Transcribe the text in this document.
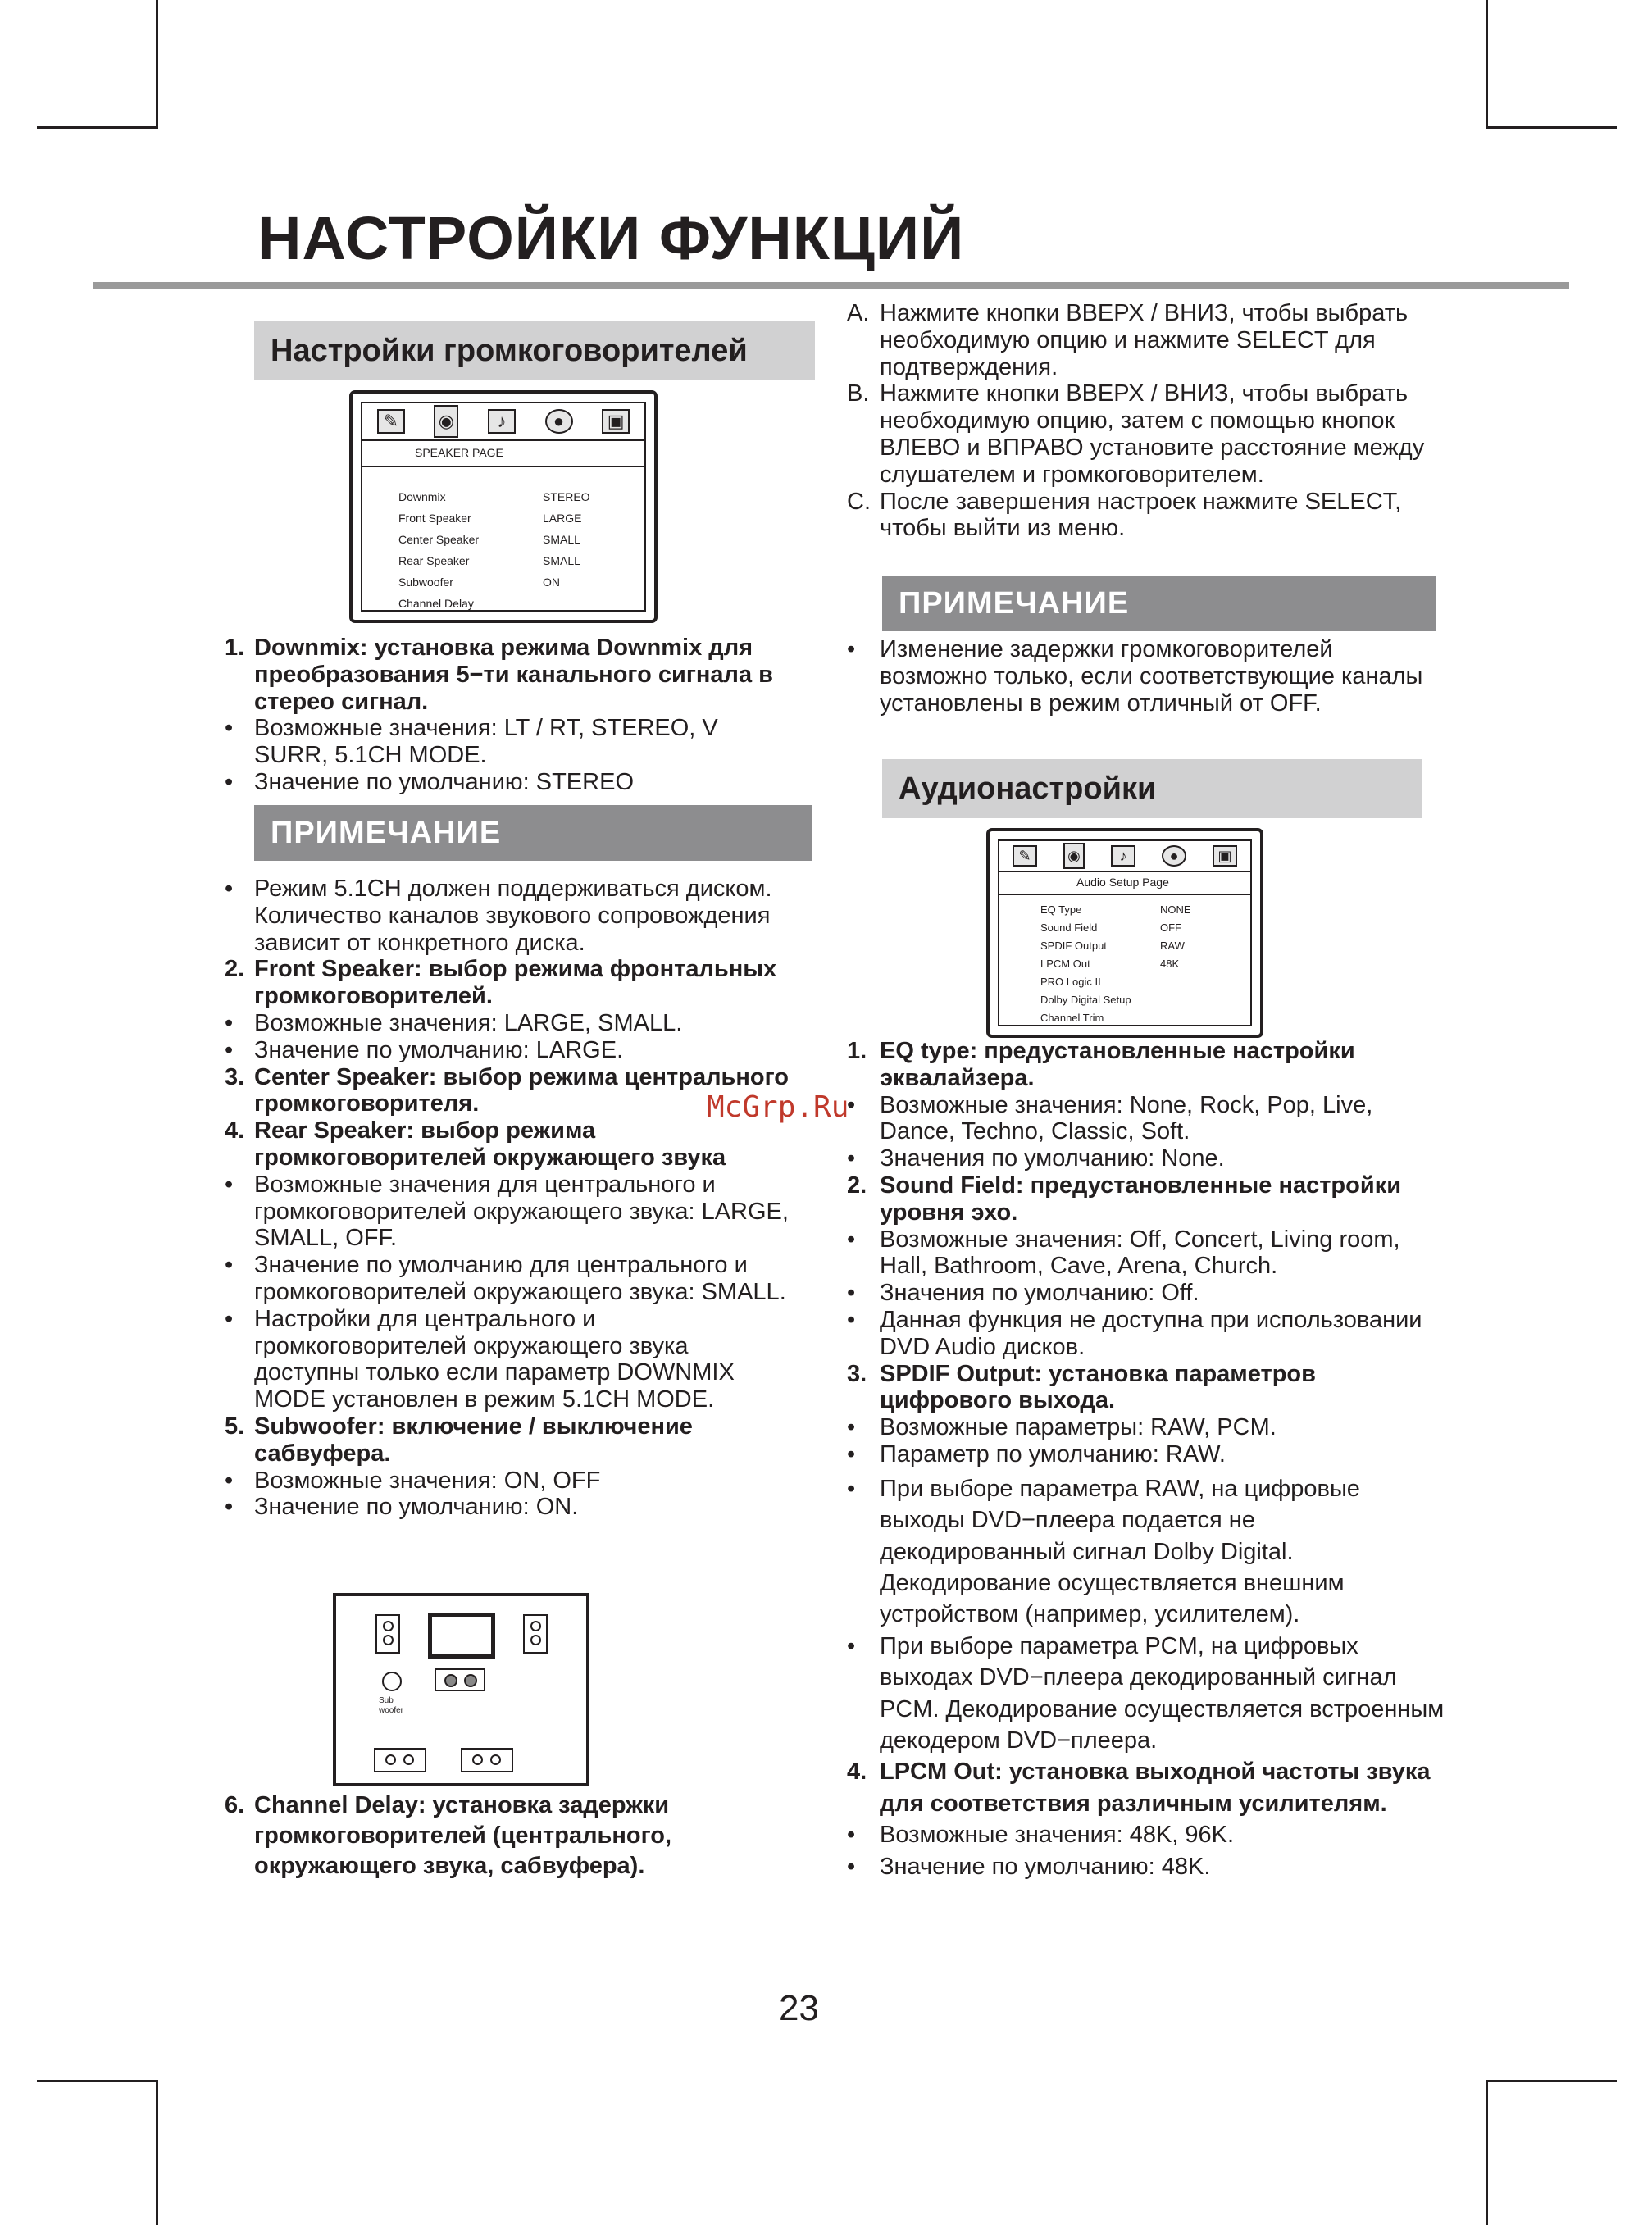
НАСТРОЙКИ ФУНКЦИЙ
Настройки громкоговорителей
✎	◉	♪	●	▣
SPEAKER PAGE
Downmix	STEREO
Front Speaker	LARGE
Center Speaker	SMALL
Rear Speaker	SMALL
Subwoofer	ON
Channel Delay
1. Downmix: установка режима Downmix для преобразования 5−ти канального сигнала в стерео сигнал.
• Возможные значения: LT / RT, STEREO, V SURR, 5.1CH MODE.
• Значение по умолчанию: STEREO
ПРИМЕЧАНИЕ
• Режим 5.1CH должен поддерживаться диском. Количество каналов звукового сопровождения зависит от конкретного диска.
2. Front Speaker: выбор режима фронтальных громкоговорителей.
• Возможные значения: LARGE, SMALL.
• Значение по умолчанию: LARGE.
3. Center Speaker: выбор режима центрального громкоговорителя.
4. Rear Speaker: выбор режима громкоговорителей окружающего звука
• Возможные значения для центрального и громкоговорителей окружающего звука: LARGE, SMALL, OFF.
• Значение по умолчанию для центрального и громкоговорителей окружающего звука: SMALL.
• Настройки для центрального и громкоговорителей окружающего звука доступны только если параметр DOWNMIX MODE установлен в режим 5.1CH MODE.
5. Subwoofer: включение / выключение сабвуфера.
• Возможные значения: ON, OFF
• Значение по умолчанию: ON.
Sub
woofer
6. Channel Delay: установка задержки громкоговорителей (центрального, окружающего звука, сабвуфера).
A. Нажмите кнопки ВВЕРХ / ВНИЗ, чтобы выбрать необходимую опцию и нажмите SELECT для подтверждения.
B. Нажмите кнопки ВВЕРХ / ВНИЗ, чтобы выбрать необходимую опцию, затем с помощью кнопок ВЛЕВО и ВПРАВО установите расстояние между слушателем и громкоговорителем.
C. После завершения настроек нажмите SELECT, чтобы выйти из меню.
ПРИМЕЧАНИЕ
• Изменение задержки громкоговорителей возможно только, если соответствующие каналы установлены в режим отличный от OFF.
Аудионастройки
✎	◉	♪	●	▣
Audio Setup Page
EQ Type	NONE
Sound Field	OFF
SPDIF Output	RAW
LPCM Out	48K
PRO Logic II
Dolby Digital Setup
Channel Trim
1. EQ type: предустановленные настройки эквалайзера.
• Возможные значения: None, Rock, Pop, Live, Dance, Techno, Classic, Soft.
• Значения по умолчанию: None.
2. Sound Field: предустановленные настройки уровня эхо.
• Возможные значения: Off, Concert, Living room, Hall, Bathroom, Cave, Arena, Church.
• Значения по умолчанию: Off.
• Данная функция не доступна при использовании DVD Audio дисков.
3. SPDIF Output: установка параметров цифрового выхода.
• Возможные параметры: RAW, PCM.
• Параметр по умолчанию: RAW.
• При выборе параметра RAW, на цифровые выходы DVD−плеера подается не декодированный сигнал Dolby Digital. Декодирование осуществляется внешним устройством (например, усилителем).
• При выборе параметра PCM, на цифровых выходах DVD−плеера декодированный сигнал PCM. Декодирование осуществляется встроенным декодером DVD−плеера.
4. LPCM Out: установка выходной частоты звука для соответствия различным усилителям.
• Возможные значения: 48K, 96K.
• Значение по умолчанию: 48K.
McGrp.Ru
23
